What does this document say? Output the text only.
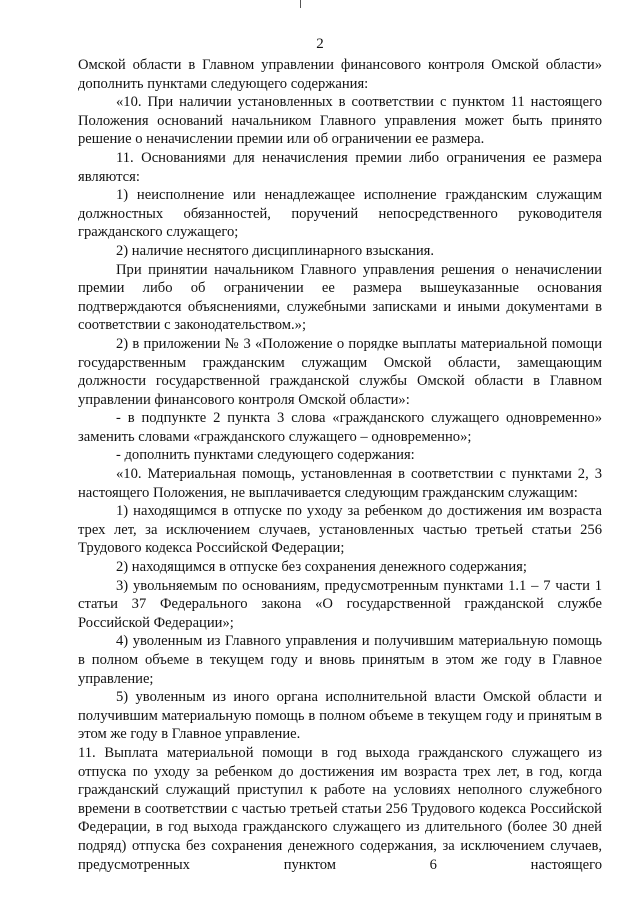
2

Омской области в Главном управлении финансового контроля Омской области» дополнить пунктами следующего содержания:

«10. При наличии установленных в соответствии с пунктом 11 настоящего Положения оснований начальником Главного управления может быть принято решение о неначислении премии или об ограничении ее размера.

11. Основаниями для неначисления премии либо ограничения ее размера являются:

1) неисполнение или ненадлежащее исполнение гражданским служащим должностных обязанностей, поручений непосредственного руководителя гражданского служащего;

2) наличие неснятого дисциплинарного взыскания.

При принятии начальником Главного управления решения о неначислении премии либо об ограничении ее размера вышеуказанные основания подтверждаются объяснениями, служебными записками и иными документами в соответствии с законодательством.»;

2) в приложении № 3 «Положение о порядке выплаты материальной помощи государственным гражданским служащим Омской области, замещающим должности государственной гражданской службы Омской области в Главном управлении финансового контроля Омской области»:

- в подпункте 2 пункта 3 слова «гражданского служащего одновременно» заменить словами «гражданского служащего – одновременно»;

- дополнить пунктами следующего содержания:

«10. Материальная помощь, установленная в соответствии с пунктами 2, 3 настоящего Положения, не выплачивается следующим гражданским служащим:

1) находящимся в отпуске по уходу за ребенком до достижения им возраста трех лет, за исключением случаев, установленных частью третьей статьи 256 Трудового кодекса Российской Федерации;

2) находящимся в отпуске без сохранения денежного содержания;

3) увольняемым по основаниям, предусмотренным пунктами 1.1 – 7 части 1 статьи 37 Федерального закона «О государственной гражданской службе Российской Федерации»;

4) уволенным из Главного управления и получившим материальную помощь в полном объеме в текущем году и вновь принятым в этом же году в Главное управление;

5) уволенным из иного органа исполнительной власти Омской области и получившим материальную помощь в полном объеме в текущем году и принятым в этом же году в Главное управление.

11. Выплата материальной помощи в год выхода гражданского служащего из отпуска по уходу за ребенком до достижения им возраста трех лет, в год, когда гражданский служащий приступил к работе на условиях неполного служебного времени в соответствии с частью третьей статьи 256 Трудового кодекса Российской Федерации, в год выхода гражданского служащего из длительного (более 30 дней подряд) отпуска без сохранения денежного содержания, за исключением случаев, предусмотренных пунктом 6 настоящего
